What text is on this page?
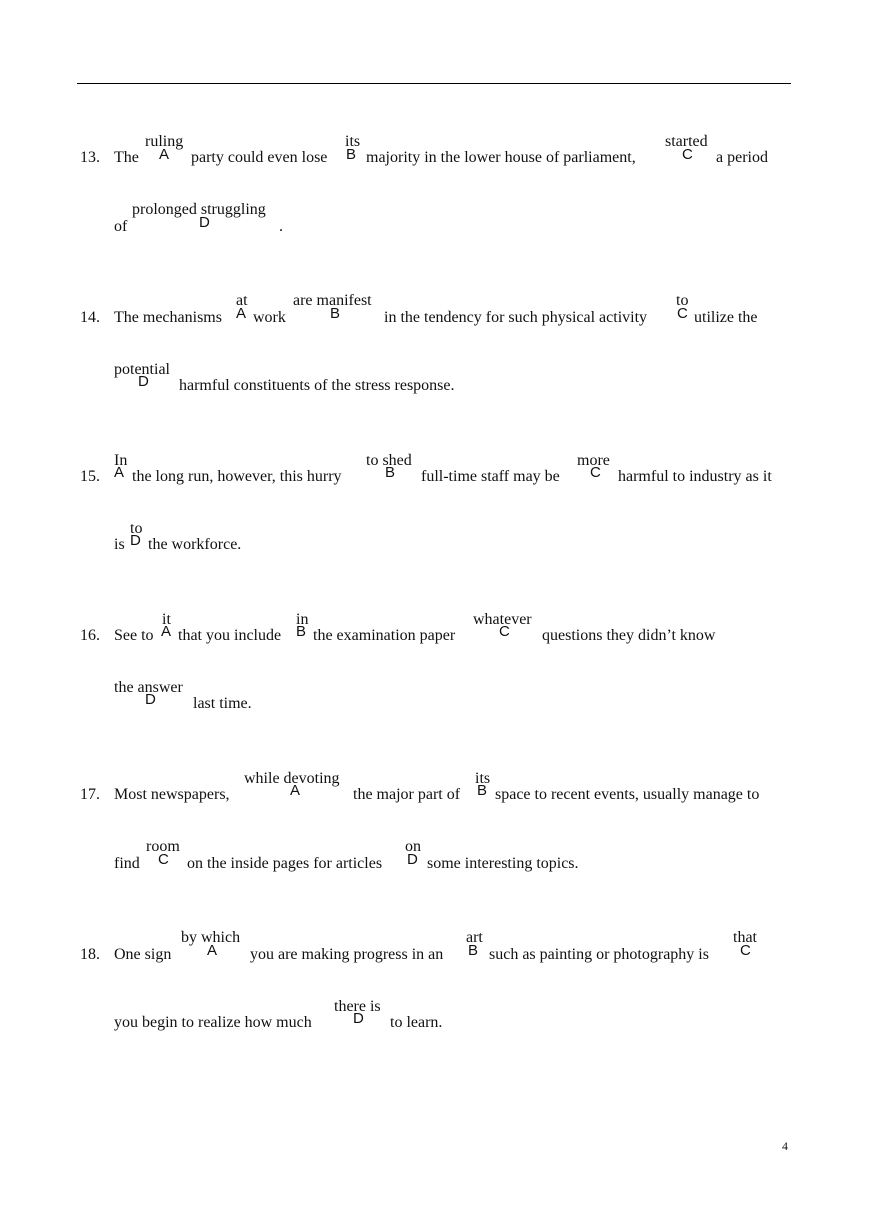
13. The
ruling
A party could even lose
its
B majority in the lower house of parliament,
started
C a period
of
prolonged struggling
D	.
14. The mechanisms
at
A work
are manifest
B	in the tendency for such physical activity
to
C utilize the
potential
D harmful constituents of the stress response.
15.
In
A the long run, however, this hurry
to shed
B full-time staff may be
more
C harmful to industry as it
is
to
D the workforce.
16. See to
it
A that you include
in
B the examination paper
whatever
C questions they didn’t know
the answer
D last time.
17. Most newspapers,
while devoting
A	the major part of
its
B space to recent events, usually manage to
find
room
C on the inside pages for articles
on
D some interesting topics.
18. One sign
by which
A you are making progress in an
art
B such as painting or photography is
that
C
you begin to realize how much
there is
D to learn.
4
